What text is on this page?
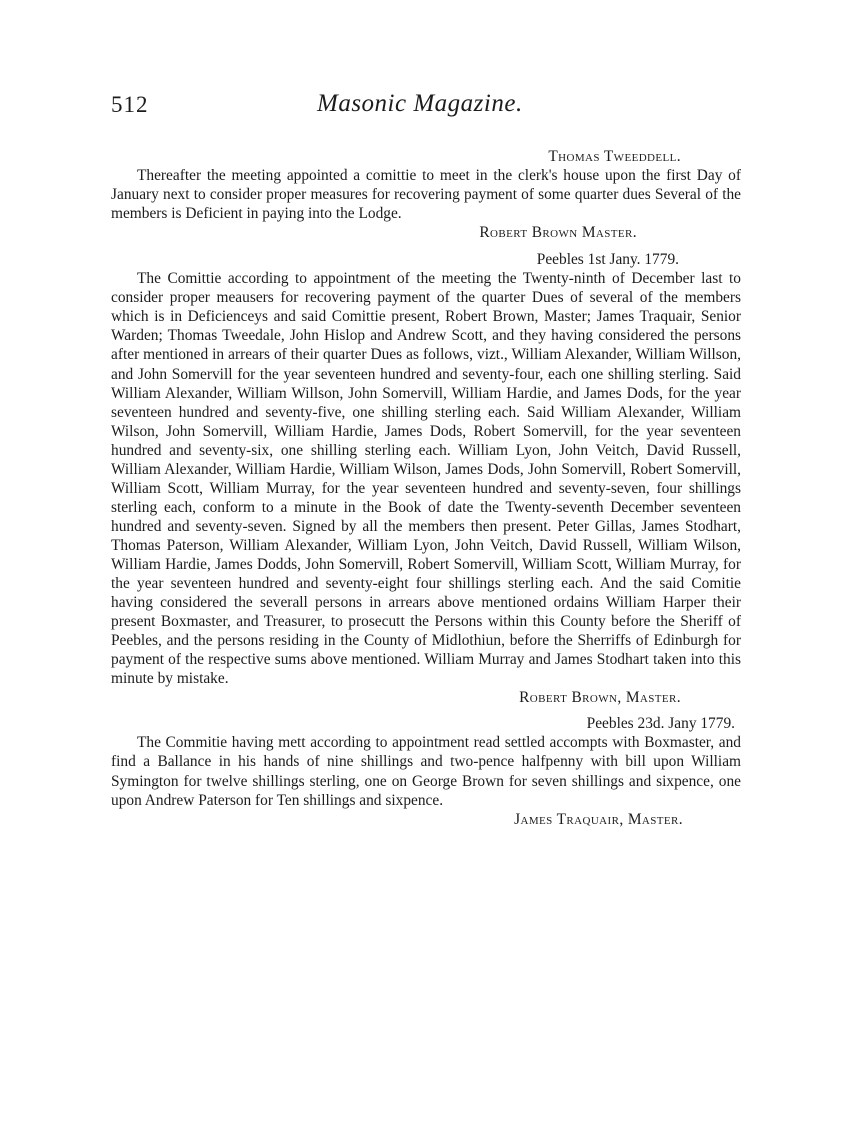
512	Masonic Magazine.
Thomas Tweeddell.
Thereafter the meeting appointed a comittie to meet in the clerk's house upon the first Day of January next to consider proper measures for recovering payment of some quarter dues Several of the members is Deficient in paying into the Lodge.
Robert Brown Master.
Peebles 1st Jany. 1779.
The Comittie according to appointment of the meeting the Twenty-ninth of December last to consider proper meausers for recovering payment of the quarter Dues of several of the members which is in Deficienceys and said Comittie present, Robert Brown, Master; James Traquair, Senior Warden; Thomas Tweedale, John Hislop and Andrew Scott, and they having considered the persons after mentioned in arrears of their quarter Dues as follows, vizt., William Alexander, William Willson, and John Somervill for the year seventeen hundred and seventy-four, each one shilling sterling. Said William Alexander, William Willson, John Somervill, William Hardie, and James Dods, for the year seventeen hundred and seventy-five, one shilling sterling each. Said William Alexander, William Wilson, John Somervill, William Hardie, James Dods, Robert Somervill, for the year seventeen hundred and seventy-six, one shilling sterling each. William Lyon, John Veitch, David Russell, William Alexander, William Hardie, William Wilson, James Dods, John Somervill, Robert Somervill, William Scott, William Murray, for the year seventeen hundred and seventy-seven, four shillings sterling each, conform to a minute in the Book of date the Twenty-seventh December seventeen hundred and seventy-seven. Signed by all the members then present. Peter Gillas, James Stodhart, Thomas Paterson, William Alexander, William Lyon, John Veitch, David Russell, William Wilson, William Hardie, James Dodds, John Somervill, Robert Somervill, William Scott, William Murray, for the year seventeen hundred and seventy-eight four shillings sterling each. And the said Comitie having considered the severall persons in arrears above mentioned ordains William Harper their present Boxmaster, and Treasurer, to prosecutt the Persons within this County before the Sheriff of Peebles, and the persons residing in the County of Midlothiun, before the Sherriffs of Edinburgh for payment of the respective sums above mentioned. William Murray and James Stodhart taken into this minute by mistake.
Robert Brown, Master.
Peebles 23d. Jany 1779.
The Commitie having mett according to appointment read settled accompts with Boxmaster, and find a Ballance in his hands of nine shillings and two-pence halfpenny with bill upon William Symington for twelve shillings sterling, one on George Brown for seven shillings and sixpence, one upon Andrew Paterson for Ten shillings and sixpence.
James Traquair, Master.
